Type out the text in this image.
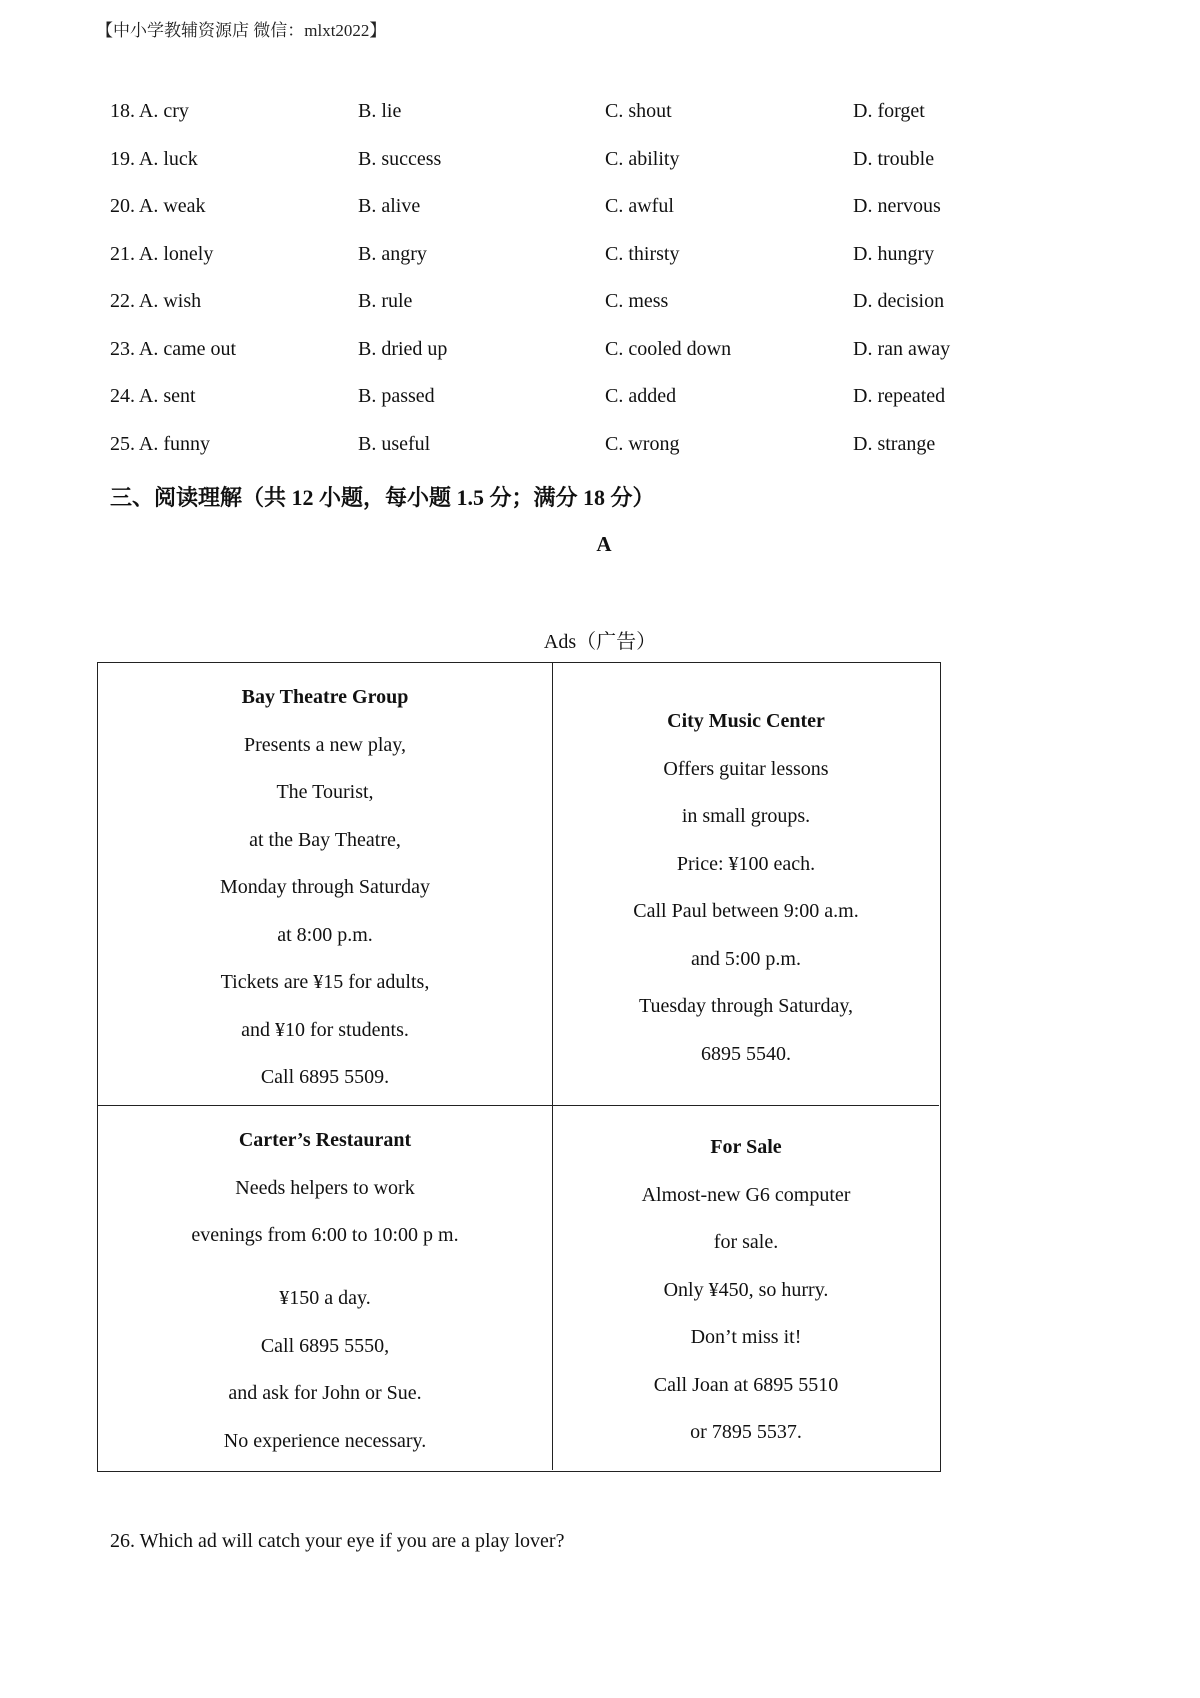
【中小学教辅资源店 微信：mlxt2022】
18. A. cry	B. lie	C. shout	D. forget
19. A. luck	B. success	C. ability	D. trouble
20. A. weak	B. alive	C. awful	D. nervous
21. A. lonely	B. angry	C. thirsty	D. hungry
22. A. wish	B. rule	C. mess	D. decision
23. A. came out	B. dried up	C. cooled down	D. ran away
24. A. sent	B. passed	C. added	D. repeated
25. A. funny	B. useful	C. wrong	D. strange
三、阅读理解（共 12 小题，每小题 1.5 分；满分 18 分）
A
Ads（广告）
Bay Theatre Group
Presents a new play,
The Tourist,
at the Bay Theatre,
Monday through Saturday
at 8:00 p.m.
Tickets are ¥15 for adults,
and ¥10 for students.
Call 6895 5509.
City Music Center
Offers guitar lessons
in small groups.
Price: ¥100 each.
Call Paul between 9:00 a.m.
and 5:00 p.m.
Tuesday through Saturday,
6895 5540.
Carter’s Restaurant
Needs helpers to work
evenings from 6:00 to 10:00 p m.
¥150 a day.
Call 6895 5550,
and ask for John or Sue.
No experience necessary.
For Sale
Almost-new G6 computer
for sale.
Only ¥450, so hurry.
Don’t miss it!
Call Joan at 6895 5510
or 7895 5537.
26. Which ad will catch your eye if you are a play lover?
